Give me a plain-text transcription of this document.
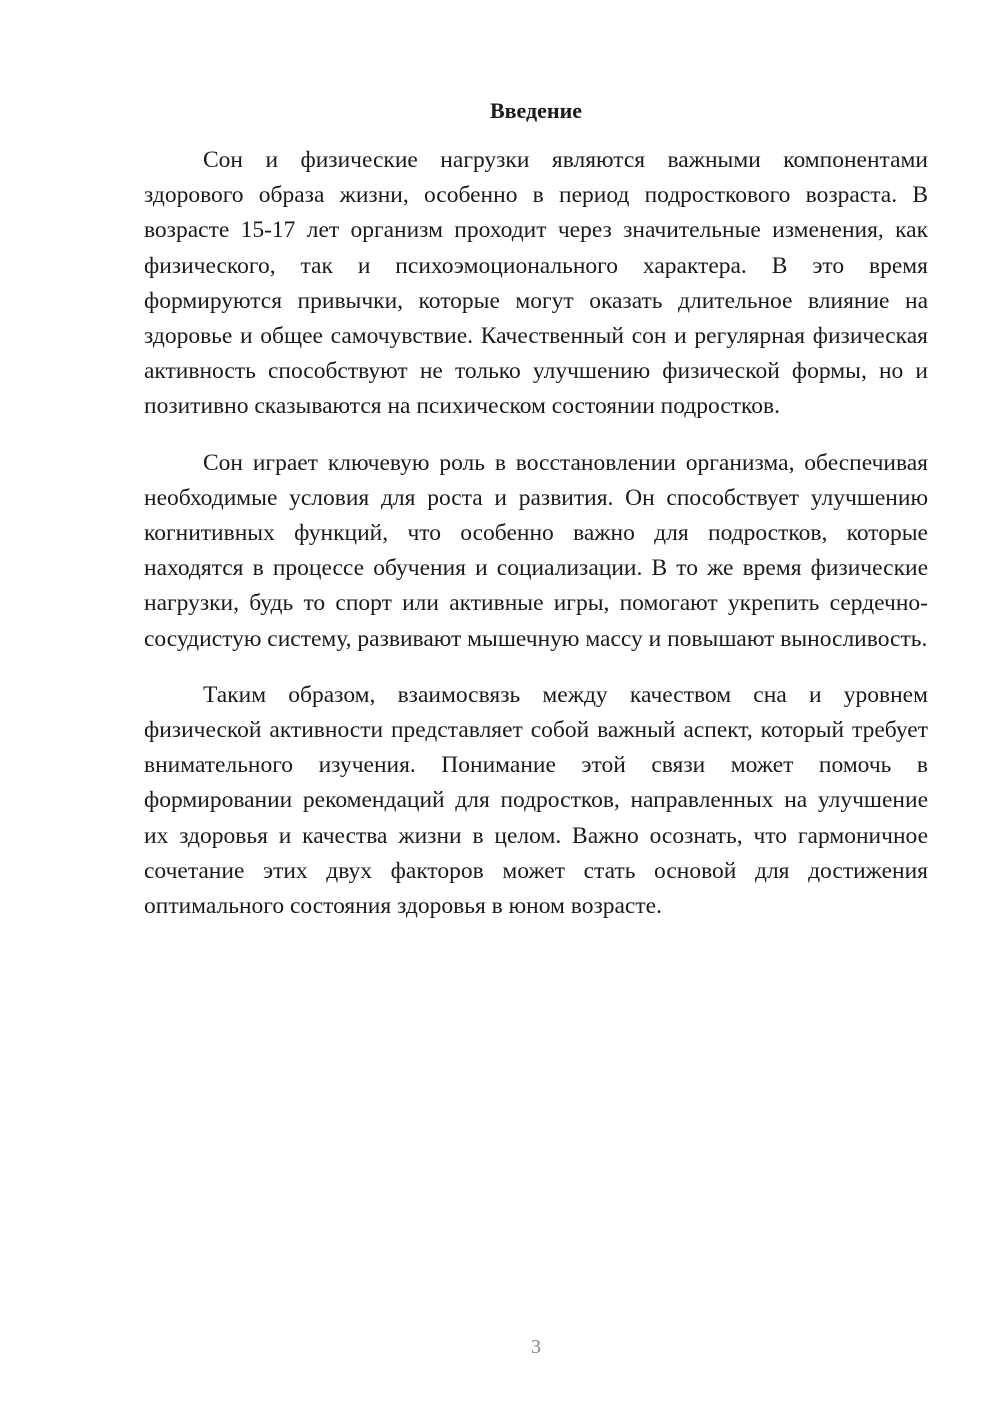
Введение

Сон и физические нагрузки являются важными компонентами здорового образа жизни, особенно в период подросткового возраста. В возрасте 15-17 лет организм проходит через значительные изменения, как физического, так и психоэмоционального характера. В это время формируются привычки, которые могут оказать длительное влияние на здоровье и общее самочувствие. Качественный сон и регулярная физическая активность способствуют не только улучшению физической формы, но и позитивно сказываются на психическом состоянии подростков.

Сон играет ключевую роль в восстановлении организма, обеспечивая необходимые условия для роста и развития. Он способствует улучшению когнитивных функций, что особенно важно для подростков, которые находятся в процессе обучения и социализации. В то же время физические нагрузки, будь то спорт или активные игры, помогают укрепить сердечно-сосудистую систему, развивают мышечную массу и повышают выносливость.

Таким образом, взаимосвязь между качеством сна и уровнем физической активности представляет собой важный аспект, который требует внимательного изучения. Понимание этой связи может помочь в формировании рекомендаций для подростков, направленных на улучшение их здоровья и качества жизни в целом. Важно осознать, что гармоничное сочетание этих двух факторов может стать основой для достижения оптимального состояния здоровья в юном возрасте.

3
